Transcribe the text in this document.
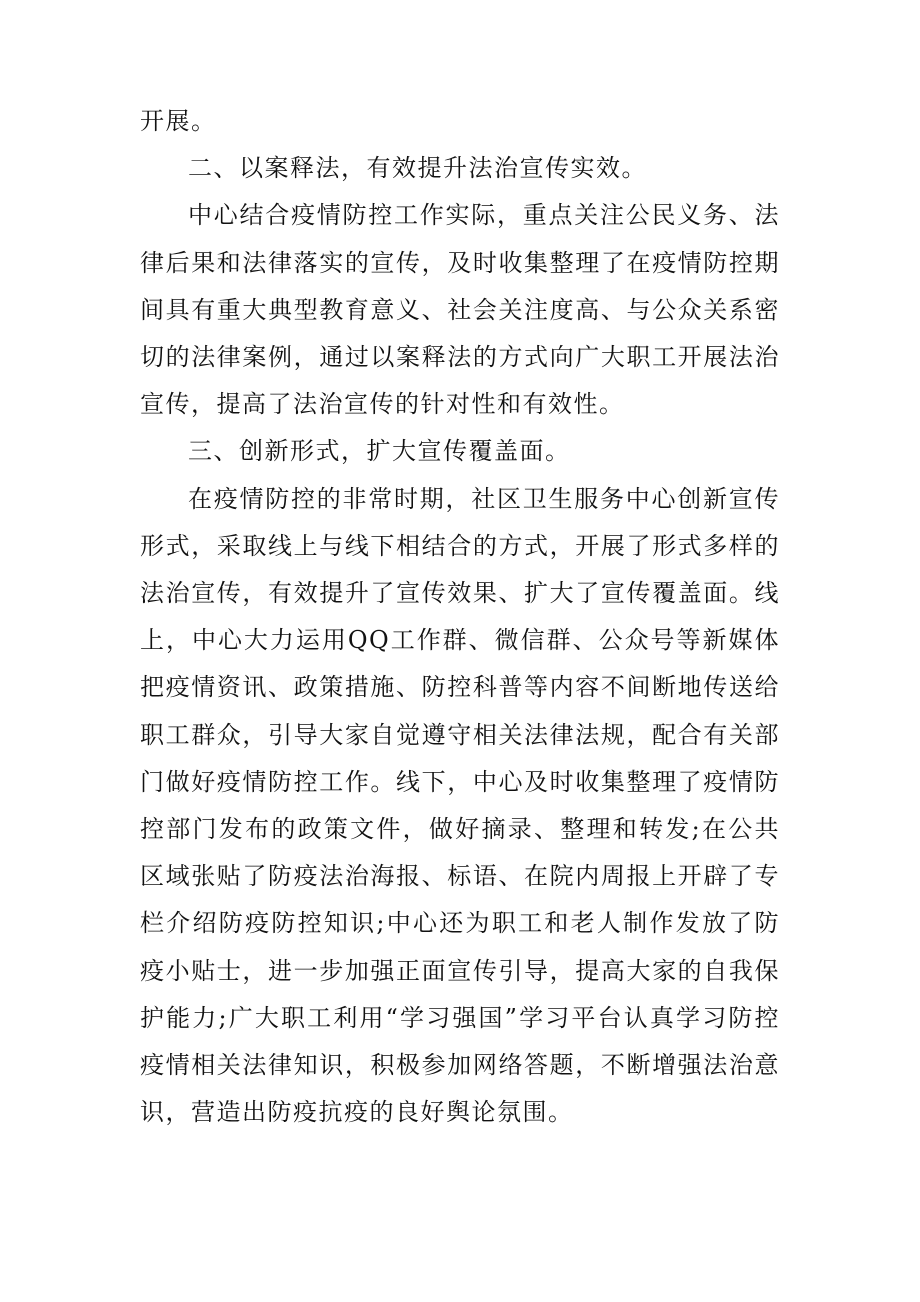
开展。

二、以案释法，有效提升法治宣传实效。

中心结合疫情防控工作实际，重点关注公民义务、法律后果和法律落实的宣传，及时收集整理了在疫情防控期间具有重大典型教育意义、社会关注度高、与公众关系密切的法律案例，通过以案释法的方式向广大职工开展法治宣传，提高了法治宣传的针对性和有效性。

三、创新形式，扩大宣传覆盖面。

在疫情防控的非常时期，社区卫生服务中心创新宣传形式，采取线上与线下相结合的方式，开展了形式多样的法治宣传，有效提升了宣传效果、扩大了宣传覆盖面。线上，中心大力运用QQ工作群、微信群、公众号等新媒体把疫情资讯、政策措施、防控科普等内容不间断地传送给职工群众，引导大家自觉遵守相关法律法规，配合有关部门做好疫情防控工作。线下，中心及时收集整理了疫情防控部门发布的政策文件，做好摘录、整理和转发;在公共区域张贴了防疫法治海报、标语、在院内周报上开辟了专栏介绍防疫防控知识;中心还为职工和老人制作发放了防疫小贴士，进一步加强正面宣传引导，提高大家的自我保护能力;广大职工利用“学习强国”学习平台认真学习防控疫情相关法律知识，积极参加网络答题，不断增强法治意识，营造出防疫抗疫的良好舆论氛围。
